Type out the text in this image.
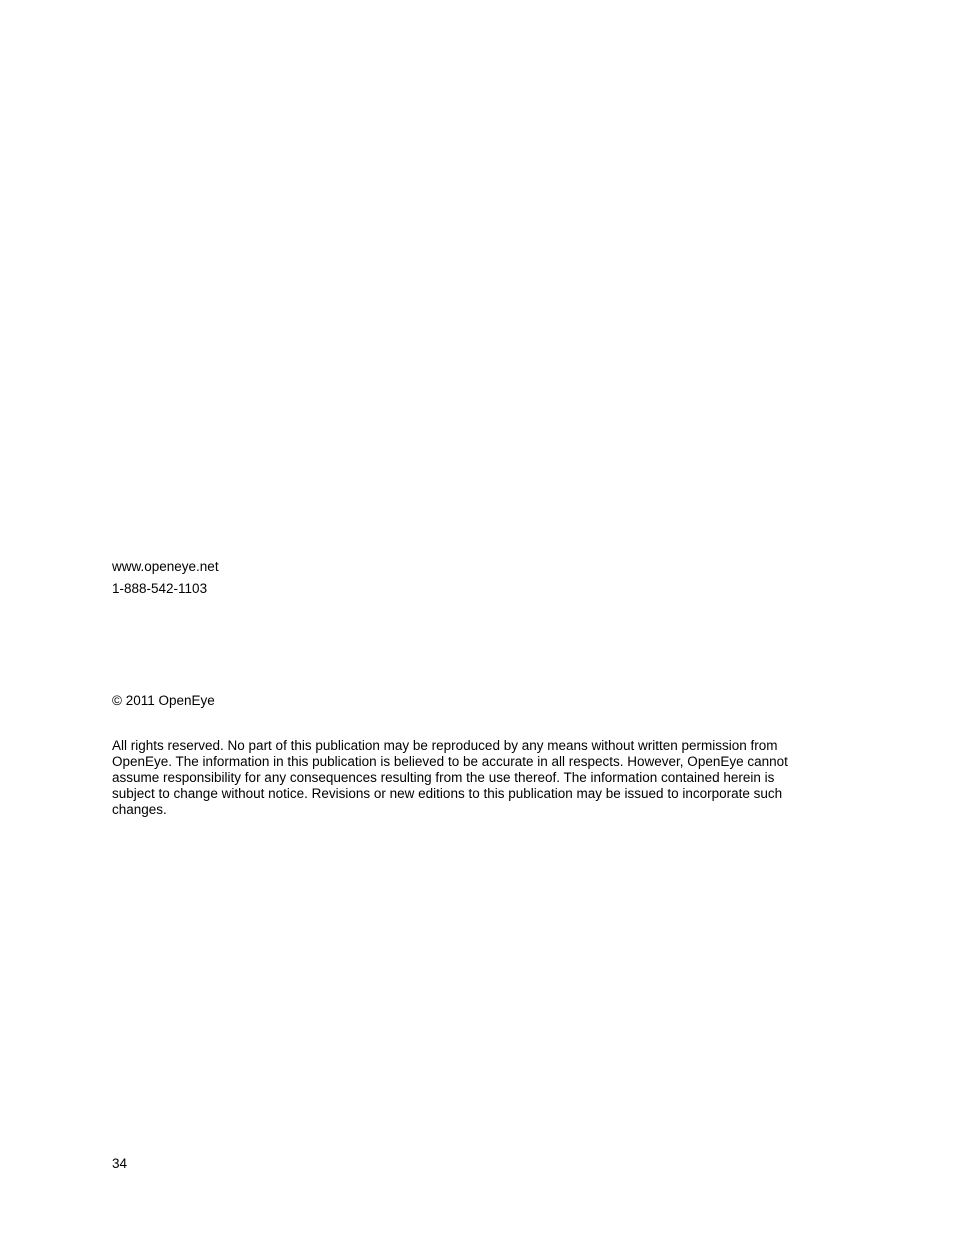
www.openeye.net
1-888-542-1103
© 2011 OpenEye
All rights reserved. No part of this publication may be reproduced by any means without written permission from
OpenEye. The information in this publication is believed to be accurate in all respects. However, OpenEye cannot
assume responsibility for any consequences resulting from the use thereof. The information contained herein is
subject to change without notice. Revisions or new editions to this publication may be issued to incorporate such
changes.
34
